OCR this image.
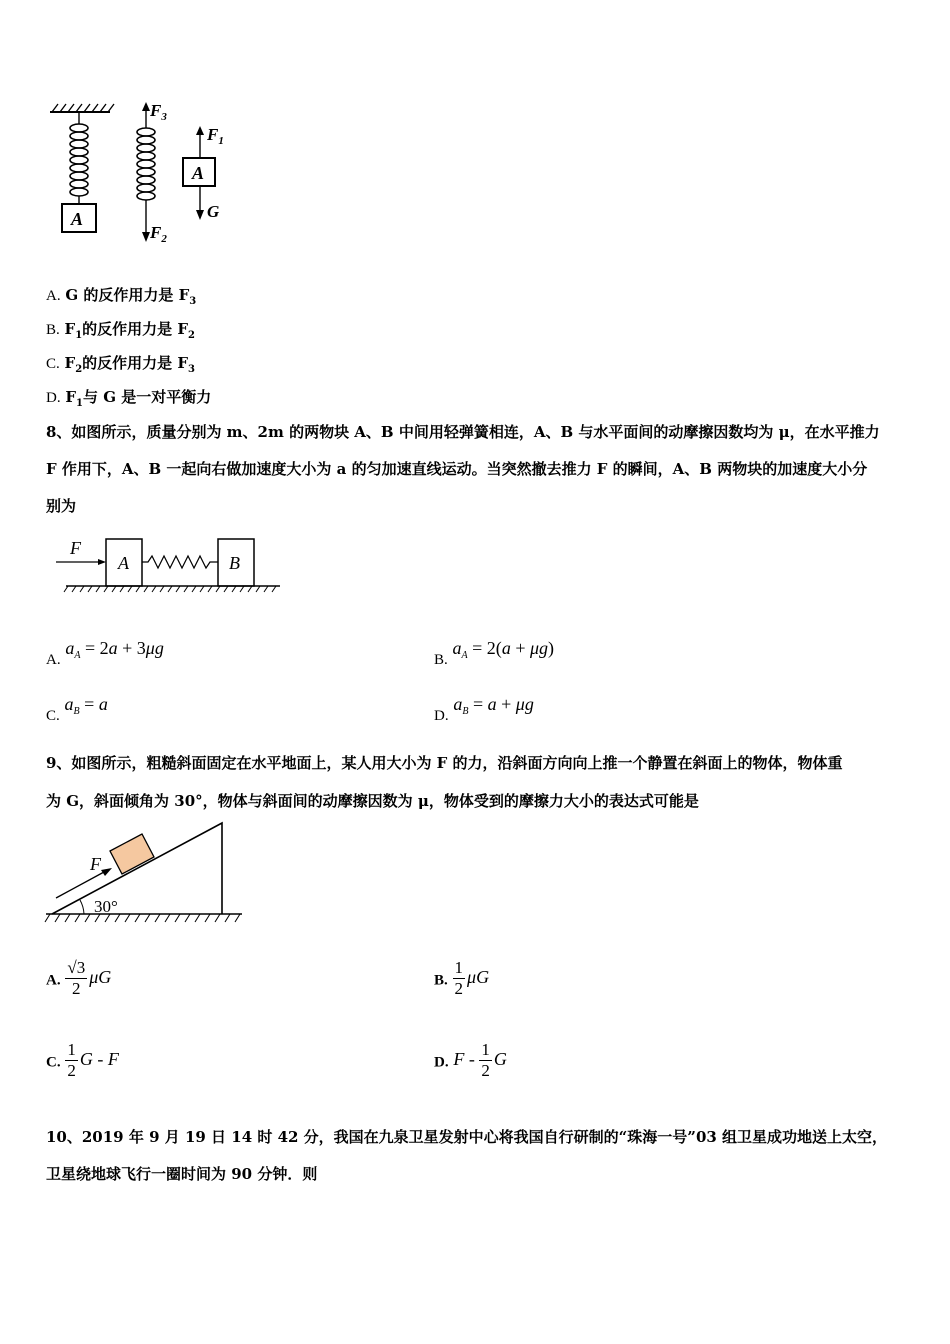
A
$F_3$
$F_2$
$F_1$
A
G
A. G 的反作用力是 $F_3$
B. $F_1$的反作用力是 $F_2$
C. $F_2$的反作用力是 $F_3$
D. $F_1$与 G 是一对平衡力
8、如图所示，质量分别为 m、2m 的两物块 A、B 中间用轻弹簧相连，A、B 与水平面间的动摩擦因数均为 μ，在水平推力
F 作用下，A、B 一起向右做加速度大小为 a 的匀加速直线运动。当突然撤去推力 F 的瞬间，A、B 两物块的加速度大小分
别为
F
A	B
A. $a_A = 2a + 3\mu g$
B. $a_A = 2(a + \mu g)$
C. $a_B = a$
D. $a_B = a + \mu g$
9、如图所示，粗糙斜面固定在水平地面上，某人用大小为 F 的力，沿斜面方向向上推一个静置在斜面上的物体，物体重
为 G，斜面倾角为 30°，物体与斜面间的动摩擦因数为 μ，物体受到的摩擦力大小的表达式可能是
F
30°
A. $\frac{√3}{2}$ μG	B. $\frac{1}{2}$ μG
C. $\frac{1}{2}$ G - F	D. F - $\frac{1}{2}$ G
10、2019 年 9 月 19 日 14 时 42 分，我国在九泉卫星发射中心将我国自行研制的“珠海一号”03 组卫星成功地送上太空，
卫星绕地球飞行一圈时间为 90 分钟．则
